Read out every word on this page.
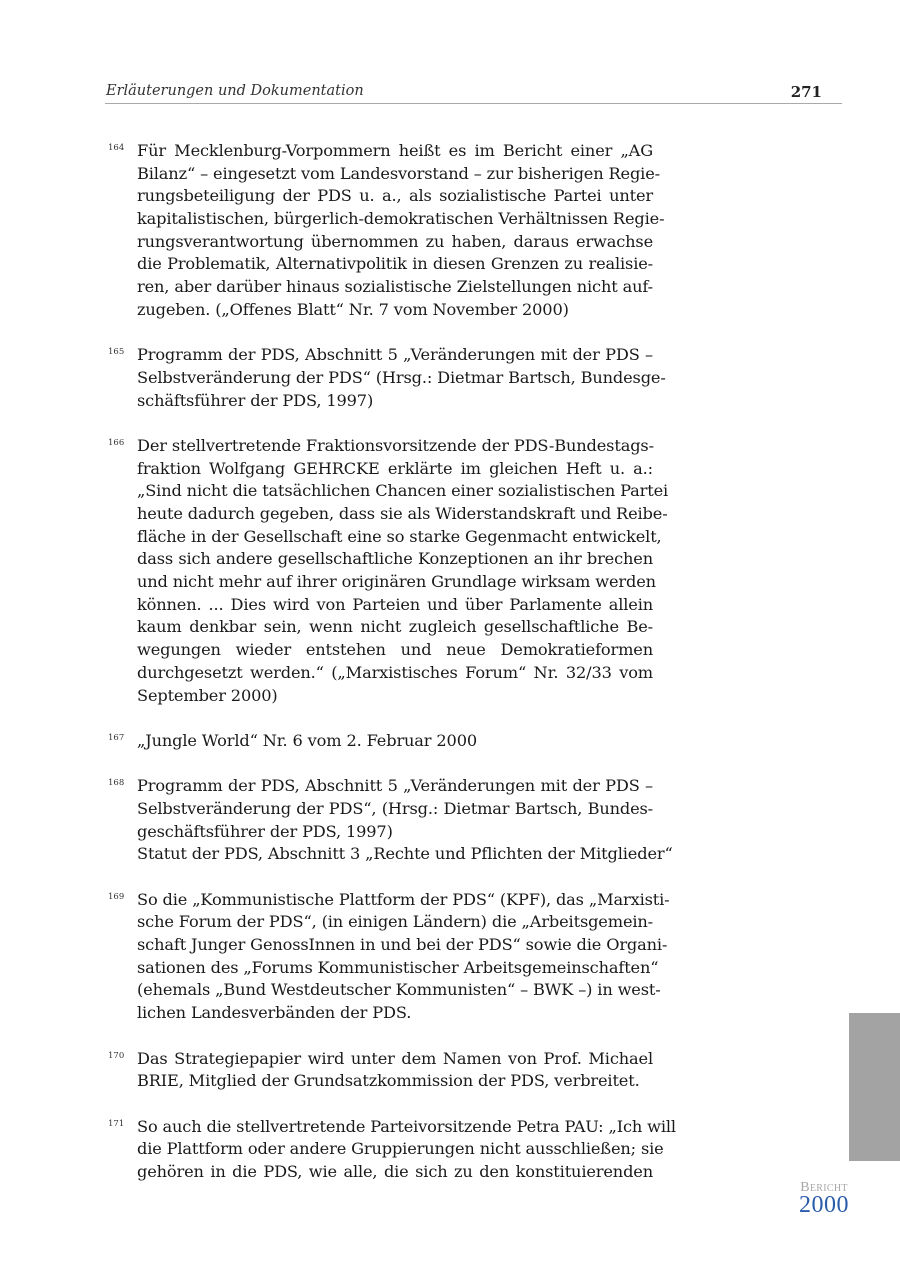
Erläuterungen und Dokumentation	271
164 Für Mecklenburg-Vorpommern heißt es im Bericht einer „AG
Bilanz“ – eingesetzt vom Landesvorstand – zur bisherigen Regie-
rungsbeteiligung der PDS u. a., als sozialistische Partei unter
kapitalistischen, bürgerlich-demokratischen Verhältnissen Regie-
rungsverantwortung übernommen zu haben, daraus erwachse
die Problematik, Alternativpolitik in diesen Grenzen zu realisie-
ren, aber darüber hinaus sozialistische Zielstellungen nicht auf-
zugeben. („Offenes Blatt“ Nr. 7 vom November 2000)
165 Programm der PDS, Abschnitt 5 „Veränderungen mit der PDS –
Selbstveränderung der PDS“ (Hrsg.: Dietmar Bartsch, Bundesge-
schäftsführer der PDS, 1997)
166 Der stellvertretende Fraktionsvorsitzende der PDS-Bundestags-
fraktion Wolfgang GEHRCKE erklärte im gleichen Heft u. a.:
„Sind nicht die tatsächlichen Chancen einer sozialistischen Partei
heute dadurch gegeben, dass sie als Widerstandskraft und Reibe-
fläche in der Gesellschaft eine so starke Gegenmacht entwickelt,
dass sich andere gesellschaftliche Konzeptionen an ihr brechen
und nicht mehr auf ihrer originären Grundlage wirksam werden
können. ... Dies wird von Parteien und über Parlamente allein
kaum denkbar sein, wenn nicht zugleich gesellschaftliche Be-
wegungen wieder entstehen und neue Demokratieformen
durchgesetzt werden.“ („Marxistisches Forum“ Nr. 32/33 vom
September 2000)
167 „Jungle World“ Nr. 6 vom 2. Februar 2000
168 Programm der PDS, Abschnitt 5 „Veränderungen mit der PDS –
Selbstveränderung der PDS“, (Hrsg.: Dietmar Bartsch, Bundes-
geschäftsführer der PDS, 1997)
Statut der PDS, Abschnitt 3 „Rechte und Pflichten der Mitglieder“
169 So die „Kommunistische Plattform der PDS“ (KPF), das „Marxisti-
sche Forum der PDS“, (in einigen Ländern) die „Arbeitsgemein-
schaft Junger GenossInnen in und bei der PDS“ sowie die Organi-
sationen des „Forums Kommunistischer Arbeitsgemeinschaften“
(ehemals „Bund Westdeutscher Kommunisten“ – BWK –) in west-
lichen Landesverbänden der PDS.
170 Das Strategiepapier wird unter dem Namen von Prof. Michael
BRIE, Mitglied der Grundsatzkommission der PDS, verbreitet.
171 So auch die stellvertretende Parteivorsitzende Petra PAU: „Ich will
die Plattform oder andere Gruppierungen nicht ausschließen; sie
gehören in die PDS, wie alle, die sich zu den konstituierenden
Bericht
2000
